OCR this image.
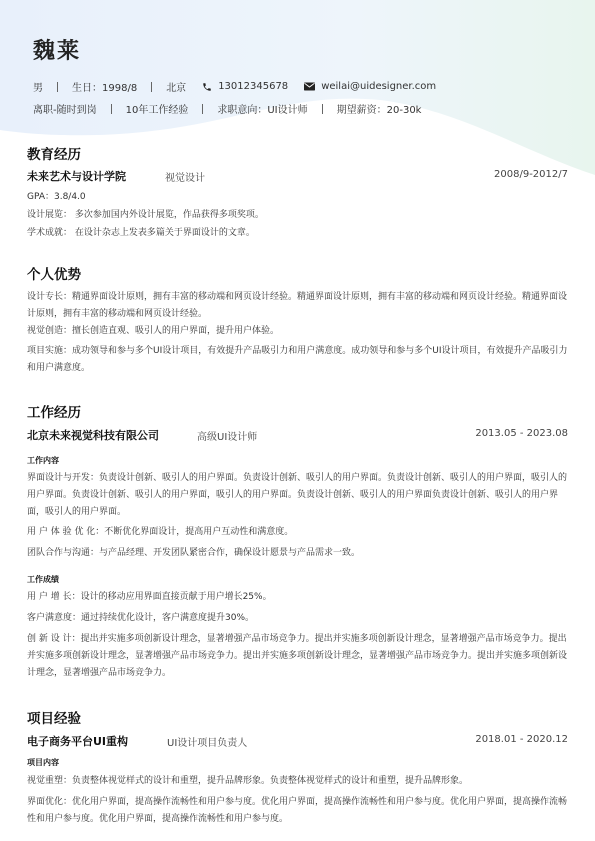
魏莱
男	生日：1998/8	北京	13012345678	weilai@uidesigner.com
离职-随时到岗	10年工作经验	求职意向：UI设计师	期望薪资：20-30k
教育经历
未来艺术与设计学院	视觉设计	2008/9-2012/7
GPA：3.8/4.0
设计展览： 多次参加国内外设计展览，作品获得多项奖项。
学术成就： 在设计杂志上发表多篇关于界面设计的文章。
个人优势
设计专长：精通界面设计原则，拥有丰富的移动端和网页设计经验。精通界面设计原则，拥有丰富的移动端和网页设计经验。精通界面设计原则，拥有丰富的移动端和网页设计经验。
视觉创造：擅长创造直观、吸引人的用户界面，提升用户体验。
项目实施：成功领导和参与多个UI设计项目，有效提升产品吸引力和用户满意度。成功领导和参与多个UI设计项目，有效提升产品吸引力和用户满意度。
工作经历
北京未来视觉科技有限公司	高级UI设计师	2013.05 - 2023.08
工作内容
界面设计与开发：负责设计创新、吸引人的用户界面。负责设计创新、吸引人的用户界面。负责设计创新、吸引人的用户界面，吸引人的用户界面。负责设计创新、吸引人的用户界面，吸引人的用户界面。负责设计创新、吸引人的用户界面负责设计创新、吸引人的用户界面，吸引人的用户界面。
用 户 体 验 优 化：不断优化界面设计，提高用户互动性和满意度。
团队合作与沟通：与产品经理、开发团队紧密合作，确保设计愿景与产品需求一致。
工作成绩
用 户 增 长：设计的移动应用界面直接贡献于用户增长25%。
客户满意度：通过持续优化设计，客户满意度提升30%。
创 新 设 计：提出并实施多项创新设计理念，显著增强产品市场竞争力。提出并实施多项创新设计理念，显著增强产品市场竞争力。提出并实施多项创新设计理念，显著增强产品市场竞争力。提出并实施多项创新设计理念，显著增强产品市场竞争力。提出并实施多项创新设计理念，显著增强产品市场竞争力。
项目经验
电子商务平台UI重构	UI设计项目负责人	2018.01 - 2020.12
项目内容
视觉重塑：负责整体视觉样式的设计和重塑，提升品牌形象。负责整体视觉样式的设计和重塑，提升品牌形象。
界面优化：优化用户界面，提高操作流畅性和用户参与度。优化用户界面，提高操作流畅性和用户参与度。优化用户界面，提高操作流畅性和用户参与度。优化用户界面，提高操作流畅性和用户参与度。
